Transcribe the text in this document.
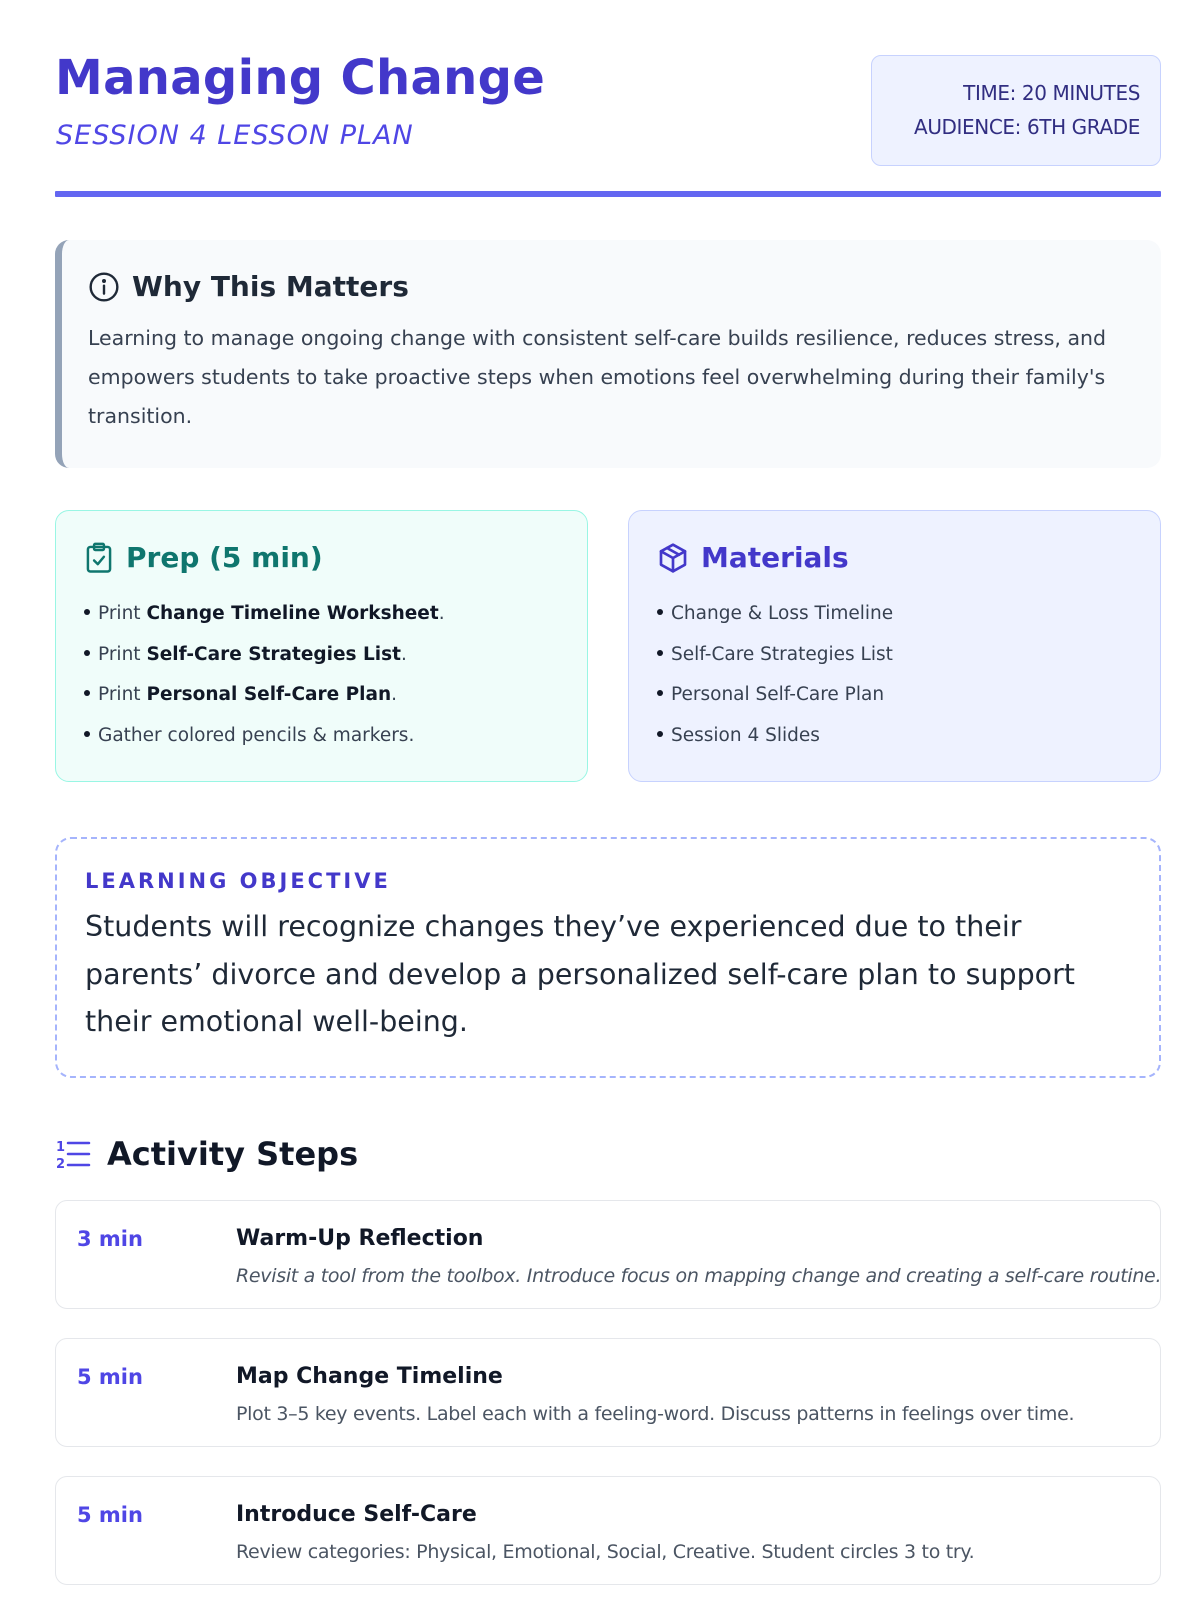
Managing Change
SESSION 4 LESSON PLAN
TIME: 20 MINUTES
AUDIENCE: 6TH GRADE
Why This Matters
Learning to manage ongoing change with consistent self-care builds resilience, reduces stress, and empowers students to take proactive steps when emotions feel overwhelming during their family's transition.
Prep (5 min)
Print Change Timeline Worksheet.
Print Self-Care Strategies List.
Print Personal Self-Care Plan.
Gather colored pencils & markers.
Materials
Change & Loss Timeline
Self-Care Strategies List
Personal Self-Care Plan
Session 4 Slides
LEARNING OBJECTIVE
Students will recognize changes they’ve experienced due to their parents’ divorce and develop a personalized self-care plan to support their emotional well-being.
1
2 Activity Steps
3 min	Warm-Up Reflection
Revisit a tool from the toolbox. Introduce focus on mapping change and creating a self-care routine.
5 min	Map Change Timeline
Plot 3–5 key events. Label each with a feeling-word. Discuss patterns in feelings over time.
5 min	Introduce Self-Care
Review categories: Physical, Emotional, Social, Creative. Student circles 3 to try.
